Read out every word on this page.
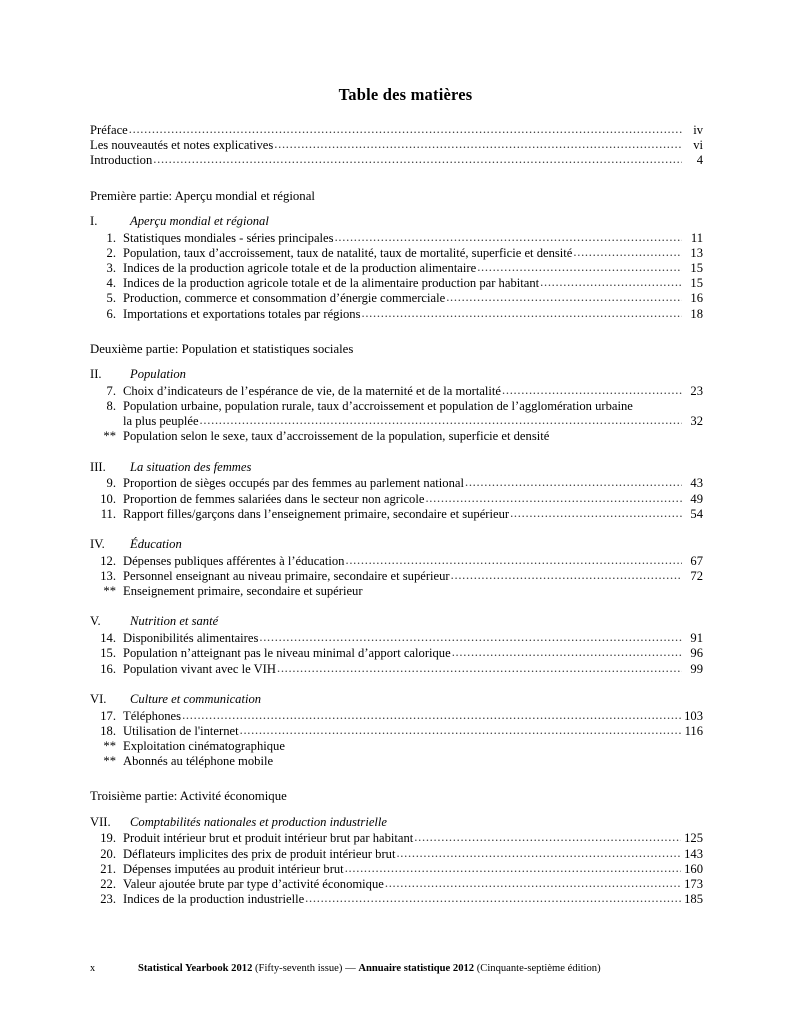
Table des matières
Préface .....	iv
Les nouveautés et notes explicatives .....	vi
Introduction .....	4
Première partie: Aperçu mondial et régional
I.	Aperçu mondial et régional
1. Statistiques mondiales - séries principales .....	11
2. Population, taux d’accroissement, taux de natalité, taux de mortalité, superficie et densité .....	13
3. Indices de la production agricole totale et de la production alimentaire .....	15
4. Indices de la production agricole totale et de la alimentaire production par habitant .....	15
5. Production, commerce et consommation d’énergie commerciale .....	16
6. Importations et exportations totales par régions .....	18
Deuxième partie: Population et statistiques sociales
II.	Population
7. Choix d’indicateurs de l’espérance de vie, de la maternité et de la mortalité .....	23
8. Population urbaine, population rurale, taux d’accroissement et population de l’agglomération urbaine
la plus peuplée .....	32
** Population selon le sexe, taux d’accroissement de la population, superficie et densité
III.	La situation des femmes
9. Proportion de sièges occupés par des femmes au parlement national .....	43
10. Proportion de femmes salariées dans le secteur non agricole .....	49
11. Rapport filles/garçons dans l’enseignement primaire, secondaire et supérieur .....	54
IV.	Éducation
12. Dépenses publiques afférentes à l’éducation .....	67
13. Personnel enseignant au niveau primaire, secondaire et supérieur .....	72
** Enseignement primaire, secondaire et supérieur
V.	Nutrition et santé
14. Disponibilités alimentaires .....	91
15. Population n’atteignant pas le niveau minimal d’apport calorique .....	96
16. Population vivant avec le VIH .....	99
VI.	Culture et communication
17. Téléphones .....	103
18. Utilisation de l'internet .....	116
** Exploitation cinématographique
** Abonnés au téléphone mobile
Troisième partie: Activité économique
VII.	Comptabilités nationales et production industrielle
19. Produit intérieur brut et produit intérieur brut par habitant .....	125
20. Déflateurs implicites des prix de produit intérieur brut .....	143
21. Dépenses imputées au produit intérieur brut .....	160
22. Valeur ajoutée brute par type d’activité économique .....	173
23. Indices de la production industrielle .....	185
x	Statistical Yearbook 2012 (Fifty-seventh issue) — Annuaire statistique 2012 (Cinquante-septième édition)
